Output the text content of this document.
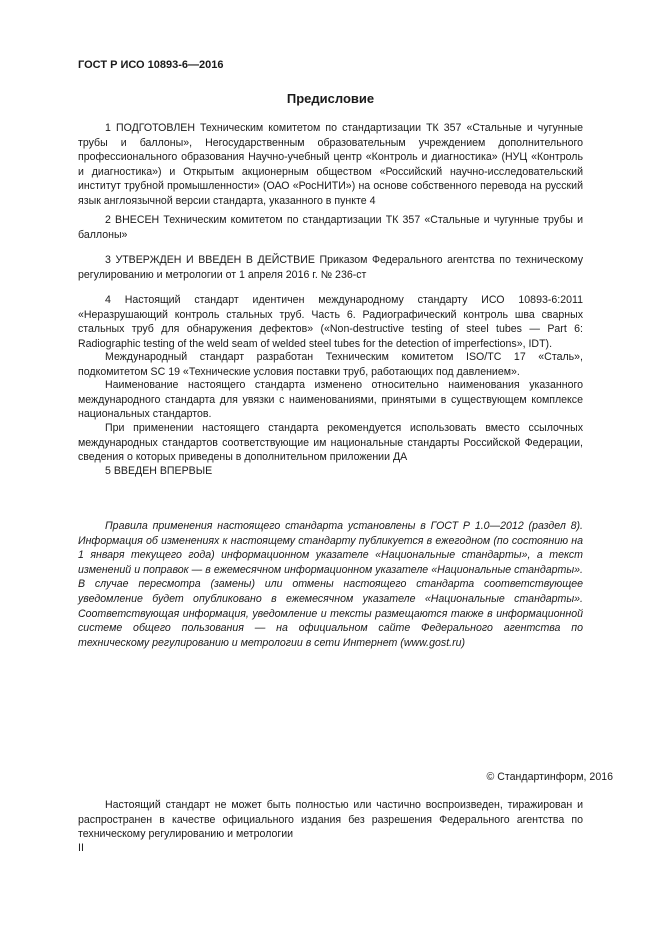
ГОСТ Р ИСО 10893-6—2016
Предисловие

1 ПОДГОТОВЛЕН Техническим комитетом по стандартизации ТК 357 «Стальные и чугунные трубы и баллоны», Негосударственным образовательным учреждением дополнительного профессионального образования Научно-учебный центр «Контроль и диагностика» (НУЦ «Контроль и диагностика») и Открытым акционерным обществом «Российский научно-исследовательский институт трубной промышленности» (ОАО «РосНИТИ») на основе собственного перевода на русский язык англоязычной версии стандарта, указанного в пункте 4

2 ВНЕСЕН Техническим комитетом по стандартизации ТК 357 «Стальные и чугунные трубы и баллоны»

3 УТВЕРЖДЕН И ВВЕДЕН В ДЕЙСТВИЕ Приказом Федерального агентства по техническому регулированию и метрологии от 1 апреля 2016 г. № 236-ст

4 Настоящий стандарт идентичен международному стандарту ИСО 10893-6:2011 «Неразрушающий контроль стальных труб. Часть 6. Радиографический контроль шва сварных стальных труб для обнаружения дефектов» («Non-destructive testing of steel tubes — Part 6: Radiographic testing of the weld seam of welded steel tubes for the detection of imperfections», IDT).

Международный стандарт разработан Техническим комитетом ISO/TC 17 «Сталь», подкомитетом SC 19 «Технические условия поставки труб, работающих под давлением».

Наименование настоящего стандарта изменено относительно наименования указанного международного стандарта для увязки с наименованиями, принятыми в существующем комплексе национальных стандартов.

При применении настоящего стандарта рекомендуется использовать вместо ссылочных международных стандартов соответствующие им национальные стандарты Российской Федерации, сведения о которых приведены в дополнительном приложении ДА

5 ВВЕДЕН ВПЕРВЫЕ

Правила применения настоящего стандарта установлены в ГОСТ Р 1.0—2012 (раздел 8). Информация об изменениях к настоящему стандарту публикуется в ежегодном (по состоянию на 1 января текущего года) информационном указателе «Национальные стандарты», а текст изменений и поправок — в ежемесячном информационном указателе «Национальные стандарты». В случае пересмотра (замены) или отмены настоящего стандарта соответствующее уведомление будет опубликовано в ежемесячном указателе «Национальные стандарты». Соответствующая информация, уведомление и тексты размещаются также в информационной системе общего пользования — на официальном сайте Федерального агентства по техническому регулированию и метрологии в сети Интернет (www.gost.ru)

© Стандартинформ, 2016

Настоящий стандарт не может быть полностью или частично воспроизведен, тиражирован и распространен в качестве официального издания без разрешения Федерального агентства по техническому регулированию и метрологии

II
